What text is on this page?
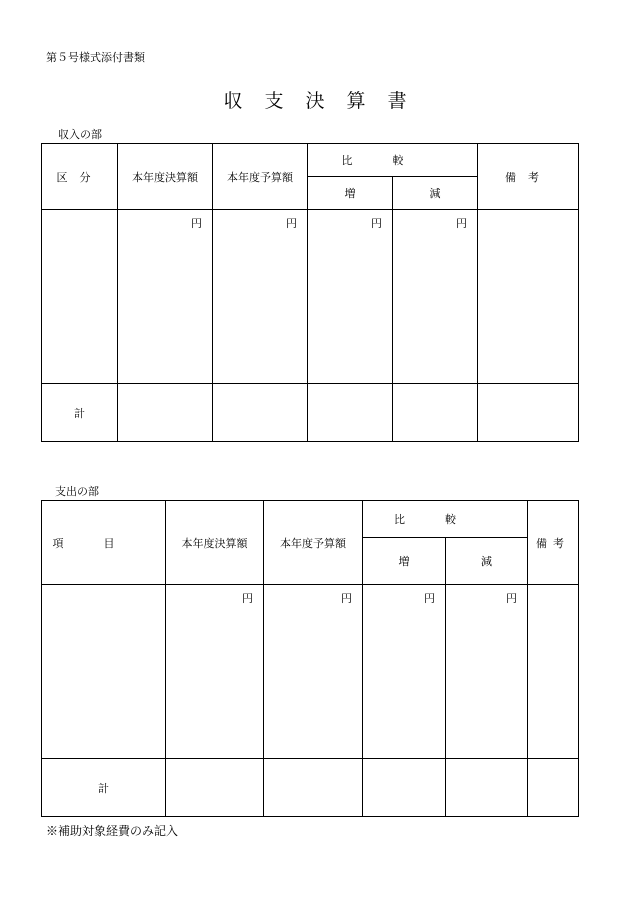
第５号様式添付書類
収支決算書
収入の部
区分	本年度決算額	本年度予算額	比較		備考
			増	減	
	円	円	円	円	
計					
支出の部
項目	本年度決算額	本年度予算額	比較		備考
			増	減	
	円	円	円	円	
計					
※補助対象経費のみ記入
